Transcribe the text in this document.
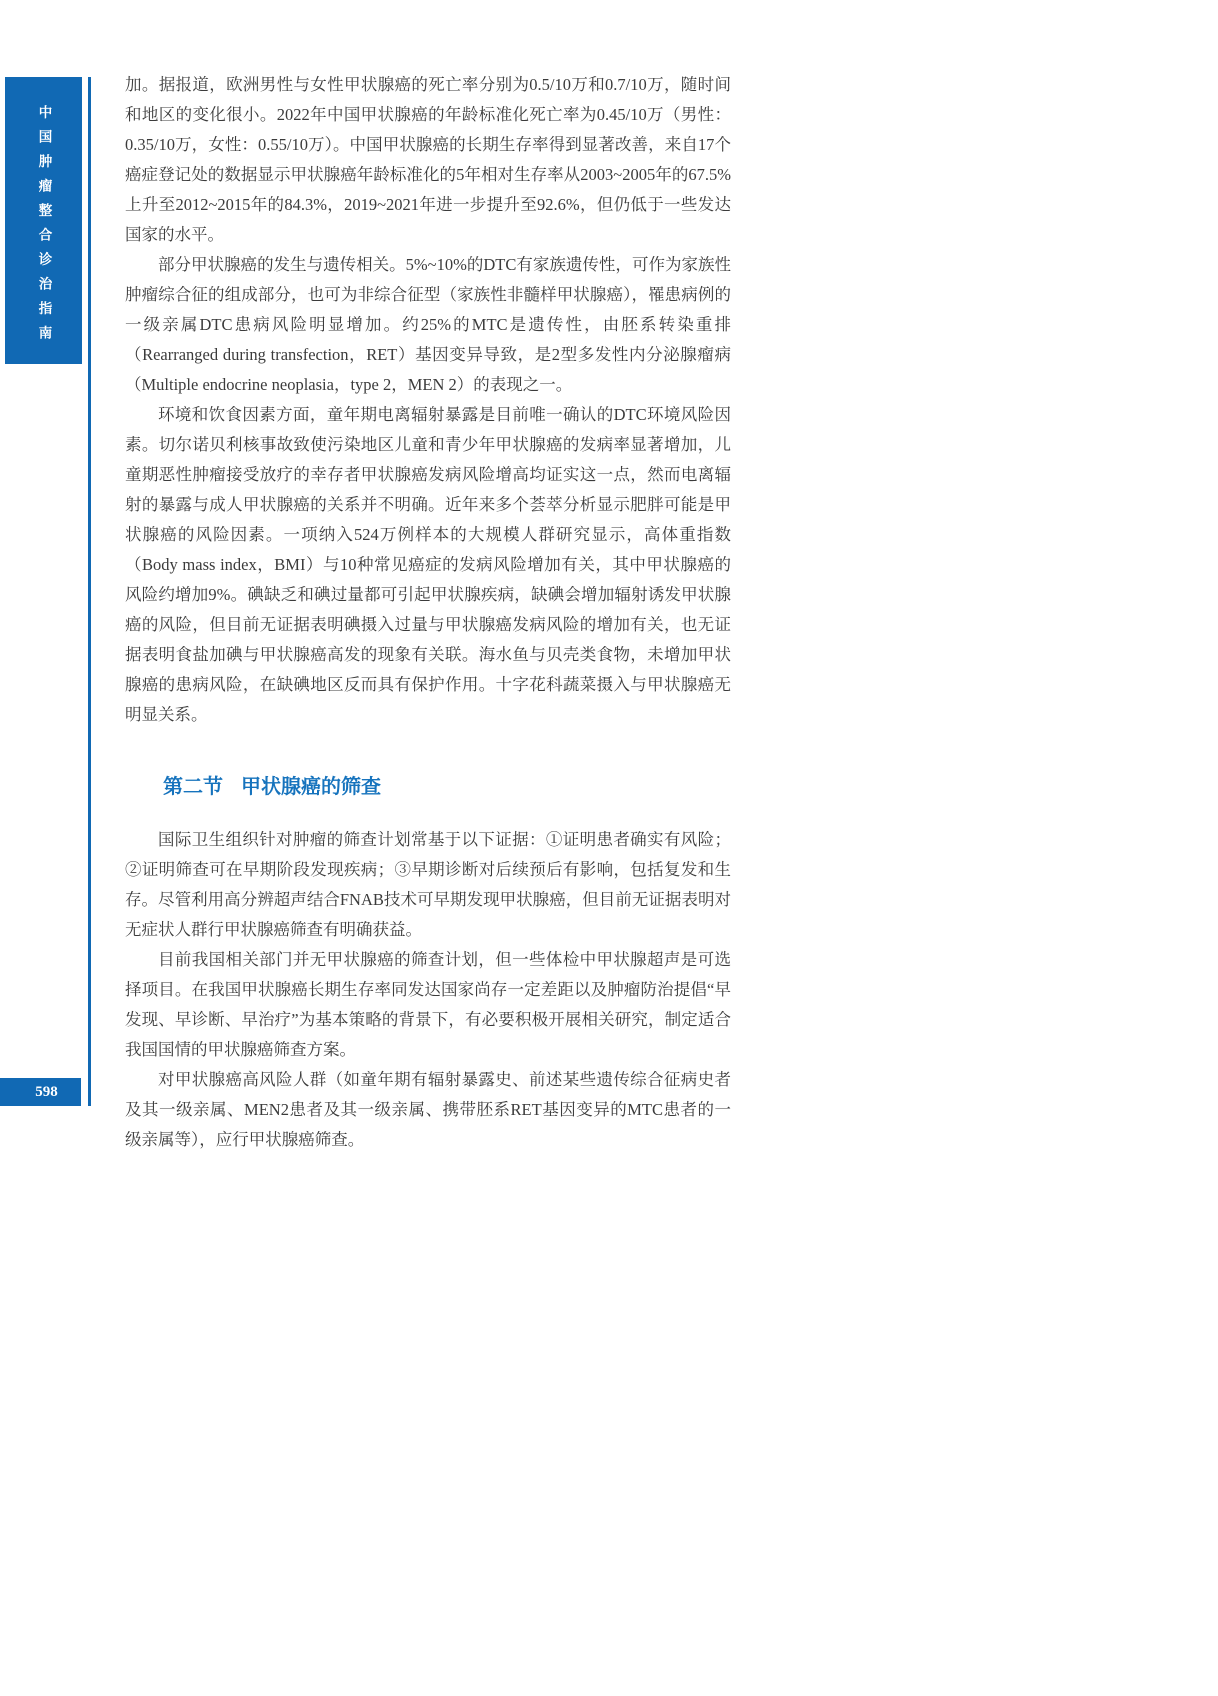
中国肿瘤整合诊治指南
598

加。据报道，欧洲男性与女性甲状腺癌的死亡率分别为0.5/10万和0.7/10万，随时间和地区的变化很小。2022年中国甲状腺癌的年龄标准化死亡率为0.45/10万（男性：0.35/10万，女性：0.55/10万）。中国甲状腺癌的长期生存率得到显著改善，来自17个癌症登记处的数据显示甲状腺癌年龄标准化的5年相对生存率从2003~2005年的67.5%上升至2012~2015年的84.3%，2019~2021年进一步提升至92.6%，但仍低于一些发达国家的水平。

部分甲状腺癌的发生与遗传相关。5%~10%的DTC有家族遗传性，可作为家族性肿瘤综合征的组成部分，也可为非综合征型（家族性非髓样甲状腺癌），罹患病例的一级亲属DTC患病风险明显增加。约25%的MTC是遗传性，由胚系转染重排（Rearranged during transfection，RET）基因变异导致，是2型多发性内分泌腺瘤病（Multiple endocrine neoplasia，type 2，MEN 2）的表现之一。

环境和饮食因素方面，童年期电离辐射暴露是目前唯一确认的DTC环境风险因素。切尔诺贝利核事故致使污染地区儿童和青少年甲状腺癌的发病率显著增加，儿童期恶性肿瘤接受放疗的幸存者甲状腺癌发病风险增高均证实这一点，然而电离辐射的暴露与成人甲状腺癌的关系并不明确。近年来多个荟萃分析显示肥胖可能是甲状腺癌的风险因素。一项纳入524万例样本的大规模人群研究显示，高体重指数（Body mass index，BMI）与10种常见癌症的发病风险增加有关，其中甲状腺癌的风险约增加9%。碘缺乏和碘过量都可引起甲状腺疾病，缺碘会增加辐射诱发甲状腺癌的风险，但目前无证据表明碘摄入过量与甲状腺癌发病风险的增加有关，也无证据表明食盐加碘与甲状腺癌高发的现象有关联。海水鱼与贝壳类食物，未增加甲状腺癌的患病风险，在缺碘地区反而具有保护作用。十字花科蔬菜摄入与甲状腺癌无明显关系。

第二节 甲状腺癌的筛查

国际卫生组织针对肿瘤的筛查计划常基于以下证据：①证明患者确实有风险；②证明筛查可在早期阶段发现疾病；③早期诊断对后续预后有影响，包括复发和生存。尽管利用高分辨超声结合FNAB技术可早期发现甲状腺癌，但目前无证据表明对无症状人群行甲状腺癌筛查有明确获益。

目前我国相关部门并无甲状腺癌的筛查计划，但一些体检中甲状腺超声是可选择项目。在我国甲状腺癌长期生存率同发达国家尚存一定差距以及肿瘤防治提倡“早发现、早诊断、早治疗”为基本策略的背景下，有必要积极开展相关研究，制定适合我国国情的甲状腺癌筛查方案。

对甲状腺癌高风险人群（如童年期有辐射暴露史、前述某些遗传综合征病史者及其一级亲属、MEN2患者及其一级亲属、携带胚系RET基因变异的MTC患者的一级亲属等），应行甲状腺癌筛查。
